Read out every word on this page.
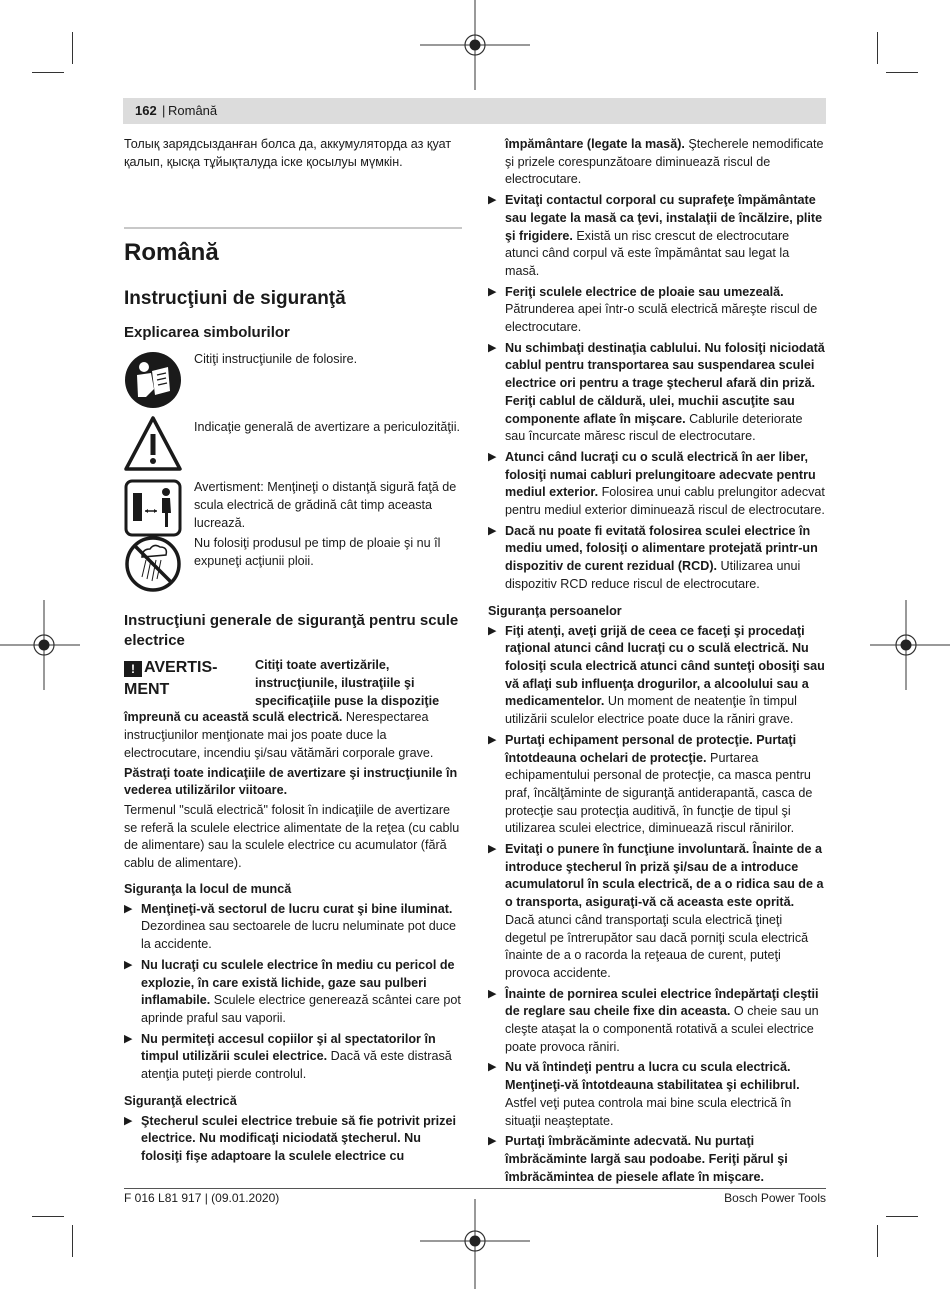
162 | Română

Толық зарядсызданған болса да, аккумуляторда аз қуат қалып, қысқа тұйықталуда іске қосылуы мүмкін.

Română
Instrucţiuni de siguranţă
Explicarea simbolurilor
Citiţi instrucţiunile de folosire.
Indicaţie generală de avertizare a periculozităţii.
Avertisment: Menţineţi o distanţă sigură faţă de scula electrică de grădină cât timp aceasta lucrează.
Nu folosiţi produsul pe timp de ploaie şi nu îl expuneţi acţiunii ploii.
Instrucţiuni generale de siguranţă pentru scule electrice
! AVERTIS-
MENT
Citiţi toate avertizările, instrucţiunile, ilustraţiile şi specificaţiile puse la dispoziţie

împreună cu această sculă electrică. Nerespectarea instrucţiunilor menţionate mai jos poate duce la electrocutare, incendiu şi/sau vătămări corporale grave.

Păstraţi toate indicaţiile de avertizare şi instrucţiunile în vederea utilizărilor viitoare.

Termenul "sculă electrică" folosit în indicaţiile de avertizare se referă la sculele electrice alimentate de la reţea (cu cablu de alimentare) sau la sculele electrice cu acumulator (fără cablu de alimentare).

Siguranţa la locul de muncă
▶ Menţineţi-vă sectorul de lucru curat şi bine iluminat. Dezordinea sau sectoarele de lucru neluminate pot duce la accidente.
▶ Nu lucraţi cu sculele electrice în mediu cu pericol de explozie, în care există lichide, gaze sau pulberi inflamabile. Sculele electrice generează scântei care pot aprinde praful sau vaporii.
▶ Nu permiteţi accesul copiilor şi al spectatorilor în timpul utilizării sculei electrice. Dacă vă este distrasă atenţia puteţi pierde controlul.
Siguranţă electrică
▶ Ştecherul sculei electrice trebuie să fie potrivit prizei electrice. Nu modificaţi niciodată ştecherul. Nu folosiţi fişe adaptoare la sculele electrice cu
împământare (legate la masă). Ştecherele nemodificate şi prizele corespunzătoare diminuează riscul de electrocutare.
▶ Evitaţi contactul corporal cu suprafeţe împământate sau legate la masă ca ţevi, instalaţii de încălzire, plite şi frigidere. Există un risc crescut de electrocutare atunci când corpul vă este împământat sau legat la masă.
▶ Feriţi sculele electrice de ploaie sau umezeală. Pătrunderea apei într-o sculă electrică măreşte riscul de electrocutare.
▶ Nu schimbaţi destinaţia cablului. Nu folosiţi niciodată cablul pentru transportarea sau suspendarea sculei electrice ori pentru a trage ştecherul afară din priză. Feriţi cablul de căldură, ulei, muchii ascuţite sau componente aflate în mişcare. Cablurile deteriorate sau încurcate măresc riscul de electrocutare.
▶ Atunci când lucraţi cu o sculă electrică în aer liber, folosiţi numai cabluri prelungitoare adecvate pentru mediul exterior. Folosirea unui cablu prelungitor adecvat pentru mediul exterior diminuează riscul de electrocutare.
▶ Dacă nu poate fi evitată folosirea sculei electrice în mediu umed, folosiţi o alimentare protejată printr-un dispozitiv de curent rezidual (RCD). Utilizarea unui dispozitiv RCD reduce riscul de electrocutare.
Siguranţa persoanelor
▶ Fiţi atenţi, aveţi grijă de ceea ce faceţi şi procedaţi raţional atunci când lucraţi cu o sculă electrică. Nu folosiţi scula electrică atunci când sunteţi obosiţi sau vă aflaţi sub influenţa drogurilor, a alcoolului sau a medicamentelor. Un moment de neatenţie în timpul utilizării sculelor electrice poate duce la răniri grave.
▶ Purtaţi echipament personal de protecţie. Purtaţi întotdeauna ochelari de protecţie. Purtarea echipamentului personal de protecţie, ca masca pentru praf, încălţăminte de siguranţă antiderapantă, casca de protecţie sau protecţia auditivă, în funcţie de tipul şi utilizarea sculei electrice, diminuează riscul rănirilor.
▶ Evitaţi o punere în funcţiune involuntară. Înainte de a introduce ştecherul în priză şi/sau de a introduce acumulatorul în scula electrică, de a o ridica sau de a o transporta, asiguraţi-vă că aceasta este oprită. Dacă atunci când transportaţi scula electrică ţineţi degetul pe întrerupător sau dacă porniţi scula electrică înainte de a o racorda la reţeaua de curent, puteţi provoca accidente.
▶ Înainte de pornirea sculei electrice îndepărtaţi cleştii de reglare sau cheile fixe din aceasta. O cheie sau un cleşte ataşat la o componentă rotativă a sculei electrice poate provoca răniri.
▶ Nu vă întindeţi pentru a lucra cu scula electrică. Menţineţi-vă întotdeauna stabilitatea şi echilibrul. Astfel veţi putea controla mai bine scula electrică în situaţii neaşteptate.
▶ Purtaţi îmbrăcăminte adecvată. Nu purtaţi îmbrăcăminte largă sau podoabe. Feriţi părul şi îmbrăcămintea de piesele aflate în mişcare.
F 016 L81 917 | (09.01.2020)	Bosch Power Tools
